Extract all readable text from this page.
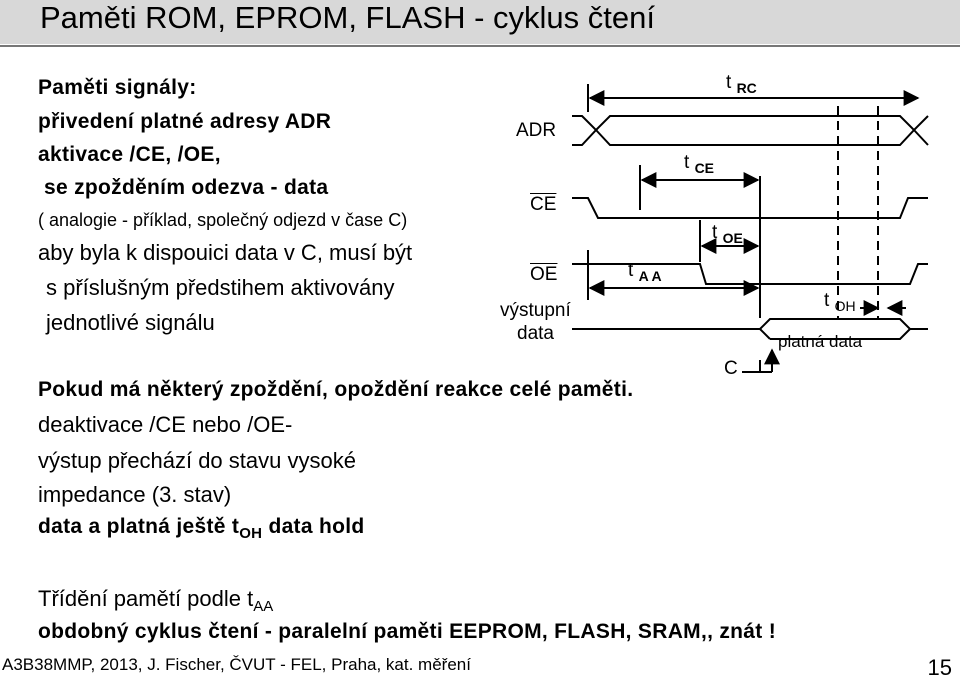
Paměti ROM, EPROM, FLASH - cyklus čtení
Paměti signály:
přivedení platné adresy ADR
aktivace /CE, /OE,
se zpožděním odezva - data
( analogie - příklad, společný odjezd v čase C)
aby byla k dispouici data v C, musí být
s příslušným předstihem aktivovány
jednotlivé signálu
ADR
$\overline{CE}$
$\overline{OE}$
výstupní
data
t $_{RC}$
t $_{CE}$
t $_{OE}$
t $_{A A}$
t $_{OH}$
platná data
C
Pokud má některý zpoždění, opoždění reakce celé paměti.
deaktivace /CE nebo /OE-
výstup přechází do stavu vysoké
impedance (3. stav)
data a platná ještě $t_{OH}$ data hold
Třídění pamětí podle $t_{AA}$
obdobný cyklus čtení - paralelní paměti EEPROM, FLASH, SRAM,, znát !
A3B38MMP, 2013, J. Fischer, ČVUT - FEL, Praha, kat. měření	15
